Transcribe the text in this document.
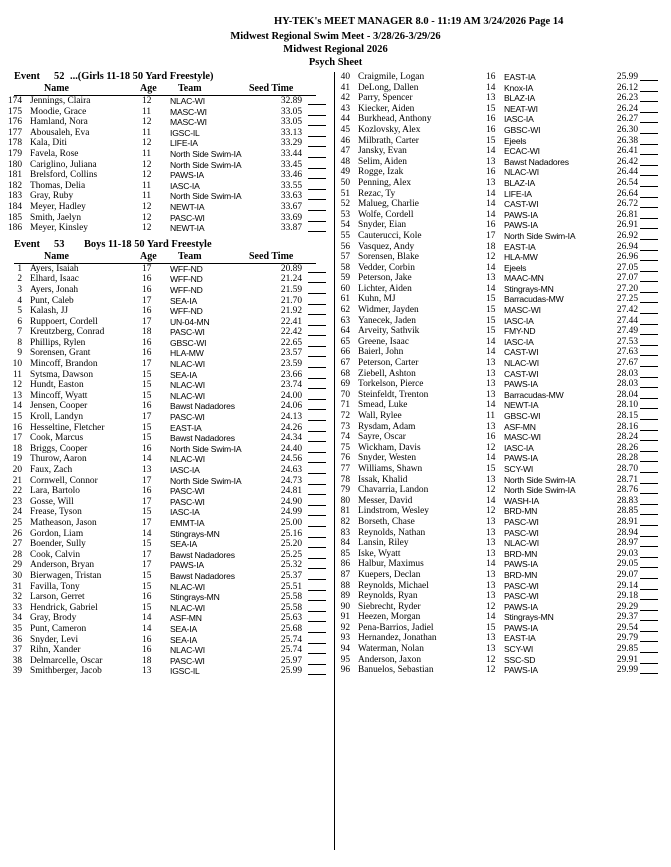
HY-TEK's MEET MANAGER 8.0 - 11:19 AM 3/24/2026 Page 14
Midwest Regional Swim Meet - 3/28/26-3/29/26
Midwest Regional 2026
Psych Sheet
Event 52 ...(Girls 11-18 50 Yard Freestyle)
Name	Age Team	Seed Time
174 Jennings, Claira	12 NLAC-WI	32.89
175 Moodie, Grace	11 MASC-WI	33.05
176 Hamland, Nora	12 MASC-WI	33.05
177 Abousaleh, Eva	11 IGSC-IL	33.13
178 Kala, Diti	12 LIFE-IA	33.29
179 Favela, Rose	11 North Side Swim-IA	33.44
180 Cariglino, Juliana	12 North Side Swim-IA	33.45
181 Brelsford, Collins	12 PAWS-IA	33.46
182 Thomas, Delia	11 IASC-IA	33.55
183 Gray, Ruby	11 North Side Swim-IA	33.63
184 Meyer, Hadley	12 NEWT-IA	33.67
185 Smith, Jaelyn	12 PASC-WI	33.69
186 Meyer, Kinsley	12 NEWT-IA	33.87
Event 53 Boys 11-18 50 Yard Freestyle
Name	Age Team	Seed Time
1 Ayers, Isaiah	17 WFF-ND	20.89
2 Elhard, Isaac	16 WFF-ND	21.24
3 Ayers, Jonah	16 WFF-ND	21.59
4 Punt, Caleb	17 SEA-IA	21.70
5 Kalash, JJ	16 WFF-ND	21.92
6 Ruppoert, Cordell	17 UN-04-MN	22.41
7 Kreutzberg, Conrad	18 PASC-WI	22.42
8 Phillips, Rylen	16 GBSC-WI	22.65
9 Sorensen, Grant	16 HLA-MW	23.57
10 Mincoff, Brandon	17 NLAC-WI	23.59
11 Sytsma, Dawson	15 SEA-IA	23.66
12 Hundt, Easton	15 NLAC-WI	23.74
13 Mincoff, Wyatt	15 NLAC-WI	24.00
14 Jensen, Cooper	16 Bawst Nadadores	24.06
15 Kroll, Landyn	17 PASC-WI	24.13
16 Hesseltine, Fletcher	15 EAST-IA	24.26
17 Cook, Marcus	15 Bawst Nadadores	24.34
18 Briggs, Cooper	16 North Side Swim-IA	24.40
19 Thurow, Aaron	14 NLAC-WI	24.56
20 Faux, Zach	13 IASC-IA	24.63
21 Cornwell, Connor	17 North Side Swim-IA	24.73
22 Lara, Bartolo	16 PASC-WI	24.81
23 Gosse, Will	17 PASC-WI	24.90
24 Frease, Tyson	15 IASC-IA	24.99
25 Matheason, Jason	17 EMMT-IA	25.00
26 Gordon, Liam	14 Stingrays-MN	25.16
27 Boender, Sully	15 SEA-IA	25.20
28 Cook, Calvin	17 Bawst Nadadores	25.25
29 Anderson, Bryan	17 PAWS-IA	25.32
30 Bierwagen, Tristan	15 Bawst Nadadores	25.37
31 Favilla, Tony	15 NLAC-WI	25.51
32 Larson, Gerret	16 Stingrays-MN	25.58
33 Hendrick, Gabriel	15 NLAC-WI	25.58
34 Gray, Brody	14 ASF-MN	25.63
35 Punt, Cameron	14 SEA-IA	25.68
36 Snyder, Levi	16 SEA-IA	25.74
37 Rihn, Xander	16 NLAC-WI	25.74
38 Delmarcelle, Oscar	18 PASC-WI	25.97
39 Smithberger, Jacob	13 IGSC-IL	25.99
40 Craigmile, Logan	16 EAST-IA	25.99
41 DeLong, Dallen	14 Knox-IA	26.12
42 Parry, Spencer	13 BLAZ-IA	26.23
43 Kiecker, Aiden	15 NEAT-WI	26.24
44 Burkhead, Anthony	16 IASC-IA	26.27
45 Kozlovsky, Alex	16 GBSC-WI	26.30
46 Milbrath, Carter	15 Ejeels	26.38
47 Jansky, Evan	14 ECAC-WI	26.41
48 Selim, Aiden	13 Bawst Nadadores	26.42
49 Rogge, Izak	16 NLAC-WI	26.44
50 Penning, Alex	13 BLAZ-IA	26.54
51 Rezac, Ty	14 LIFE-IA	26.64
52 Malueg, Charlie	14 CAST-WI	26.72
53 Wolfe, Cordell	14 PAWS-IA	26.81
54 Snyder, Eian	16 PAWS-IA	26.91
55 Cauterucci, Kole	17 North Side Swim-IA	26.92
56 Vasquez, Andy	18 EAST-IA	26.94
57 Sorensen, Blake	12 HLA-MW	26.96
58 Vedder, Corbin	14 Ejeels	27.05
59 Peterson, Jake	13 MAAC-MN	27.07
60 Lichter, Aiden	14 Stingrays-MN	27.20
61 Kuhn, MJ	15 Barracudas-MW	27.25
62 Widmer, Jayden	15 MASC-WI	27.42
63 Yanecek, Jaden	15 IASC-IA	27.44
64 Arveity, Sathvik	15 FMY-ND	27.49
65 Greene, Isaac	14 IASC-IA	27.53
66 Baierl, John	14 CAST-WI	27.63
67 Peterson, Carter	13 NLAC-WI	27.67
68 Ziebell, Ashton	13 CAST-WI	28.03
69 Torkelson, Pierce	13 PAWS-IA	28.03
70 Steinfeldt, Trenton	13 Barracudas-MW	28.04
71 Smead, Luke	14 NEWT-IA	28.10
72 Wall, Rylee	11 GBSC-WI	28.15
73 Rysdam, Adam	13 ASF-MN	28.16
74 Sayre, Oscar	16 MASC-WI	28.24
75 Wickham, Davis	12 IASC-IA	28.26
76 Snyder, Westen	14 PAWS-IA	28.28
77 Williams, Shawn	15 SCY-WI	28.70
78 Issak, Khalid	13 North Side Swim-IA	28.71
79 Chavarria, Landon	12 North Side Swim-IA	28.76
80 Messer, David	14 WASH-IA	28.83
81 Lindstrom, Wesley	12 BRD-MN	28.85
82 Borseth, Chase	13 PASC-WI	28.91
83 Reynolds, Nathan	13 PASC-WI	28.94
84 Lansin, Riley	13 NLAC-WI	28.97
85 Iske, Wyatt	13 BRD-MN	29.03
86 Halbur, Maximus	14 PAWS-IA	29.05
87 Kuepers, Declan	13 BRD-MN	29.07
88 Reynolds, Michael	13 PASC-WI	29.14
89 Reynolds, Ryan	13 PASC-WI	29.18
90 Siebrecht, Ryder	12 PAWS-IA	29.29
91 Heezen, Morgan	14 Stingrays-MN	29.37
92 Pena-Barrios, Jadiel	15 PAWS-IA	29.54
93 Hernandez, Jonathan	13 EAST-IA	29.79
94 Waterman, Nolan	13 SCY-WI	29.85
95 Anderson, Jaxon	12 SSC-SD	29.91
96 Banuelos, Sebastian	12 PAWS-IA	29.99
